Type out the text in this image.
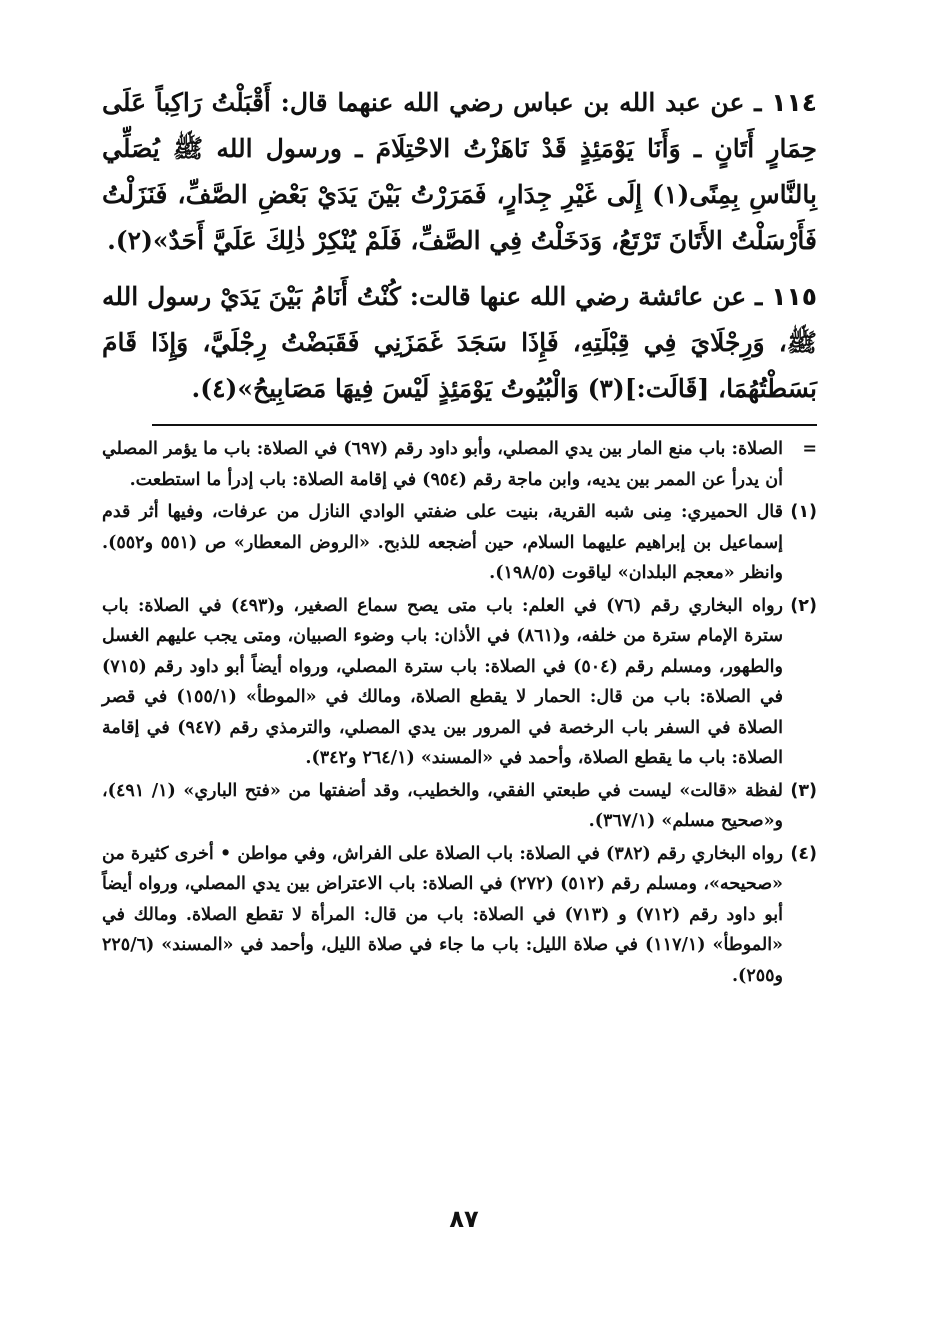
١١٤ ـ عن عبد الله بن عباس رضي الله عنهما قال: أَقْبَلْتُ رَاكِباً عَلَى حِمَارٍ أَتَانٍ ـ وَأَنَا يَوْمَئِذٍ قَدْ نَاهَزْتُ الاحْتِلَامَ ـ ورسول الله ﷺ يُصَلِّي بِالنَّاسِ بِمِنًى(١) إِلَى غَيْرِ جِدَارٍ، فَمَرَرْتُ بَيْنَ يَدَيْ بَعْضِ الصَّفِّ، فَنَزَلْتُ فَأَرْسَلْتُ الأَتَانَ تَرْتَعُ، وَدَخَلْتُ فِي الصَّفِّ، فَلَمْ يُنْكِرْ ذٰلِكَ عَلَيَّ أَحَدٌ»(٢).

١١٥ ـ عن عائشة رضي الله عنها قالت: كُنْتُ أَنَامُ بَيْنَ يَدَيْ رسول الله ﷺ، وَرِجْلَايَ فِي قِبْلَتِهِ، فَإِذَا سَجَدَ غَمَزَنِي فَقَبَضْتُ رِجْلَيَّ، وَإِذَا قَامَ بَسَطْتُهُمَا، [قَالَت:](٣) وَالْبُيُوتُ يَوْمَئِذٍ لَيْسَ فِيهَا مَصَابِيحُ»(٤).

=الصلاة: باب منع المار بين يدي المصلي، وأبو داود رقم (٦٩٧) في الصلاة: باب ما يؤمر المصلي أن يدرأ عن الممر بين يديه، وابن ماجة رقم (٩٥٤) في إقامة الصلاة: باب إدرأ ما استطعت.

(١)قال الحميري: مِنى شبه القرية، بنيت على ضفتي الوادي النازل من عرفات، وفيها أثر قدم إسماعيل بن إبراهيم عليهما السلام، حين أضجعه للذبح. «الروض المعطار» ص (٥٥١ و٥٥٢). وانظر «معجم البلدان» لياقوت (١٩٨/٥).

(٢)رواه البخاري رقم (٧٦) في العلم: باب متى يصح سماع الصغير، و(٤٩٣) في الصلاة: باب سترة الإمام سترة من خلفه، و(٨٦١) في الأذان: باب وضوء الصبيان، ومتى يجب عليهم الغسل والطهور، ومسلم رقم (٥٠٤) في الصلاة: باب سترة المصلي، ورواه أيضاً أبو داود رقم (٧١٥) في الصلاة: باب من قال: الحمار لا يقطع الصلاة، ومالك في «الموطأ» (١٥٥/١) في قصر الصلاة في السفر باب الرخصة في المرور بين يدي المصلي، والترمذي رقم (٩٤٧) في إقامة الصلاة: باب ما يقطع الصلاة، وأحمد في «المسند» (٢٦٤/١ و٣٤٢).

(٣)لفظة «قالت» ليست في طبعتي الفقي، والخطيب، وقد أضفتها من «فتح الباري» (١/ ٤٩١)، و«صحيح مسلم» (٣٦٧/١).

(٤)رواه البخاري رقم (٣٨٢) في الصلاة: باب الصلاة على الفراش، وفي مواطن • أخرى كثيرة من «صحيحه»، ومسلم رقم (٥١٢) (٢٧٢) في الصلاة: باب الاعتراض بين يدي المصلي، ورواه أيضاً أبو داود رقم (٧١٢) و (٧١٣) في الصلاة: باب من قال: المرأة لا تقطع الصلاة. ومالك في «الموطأ» (١١٧/١) في صلاة الليل: باب ما جاء في صلاة الليل، وأحمد في «المسند» (٢٢٥/٦ و٢٥٥).

٨٧
